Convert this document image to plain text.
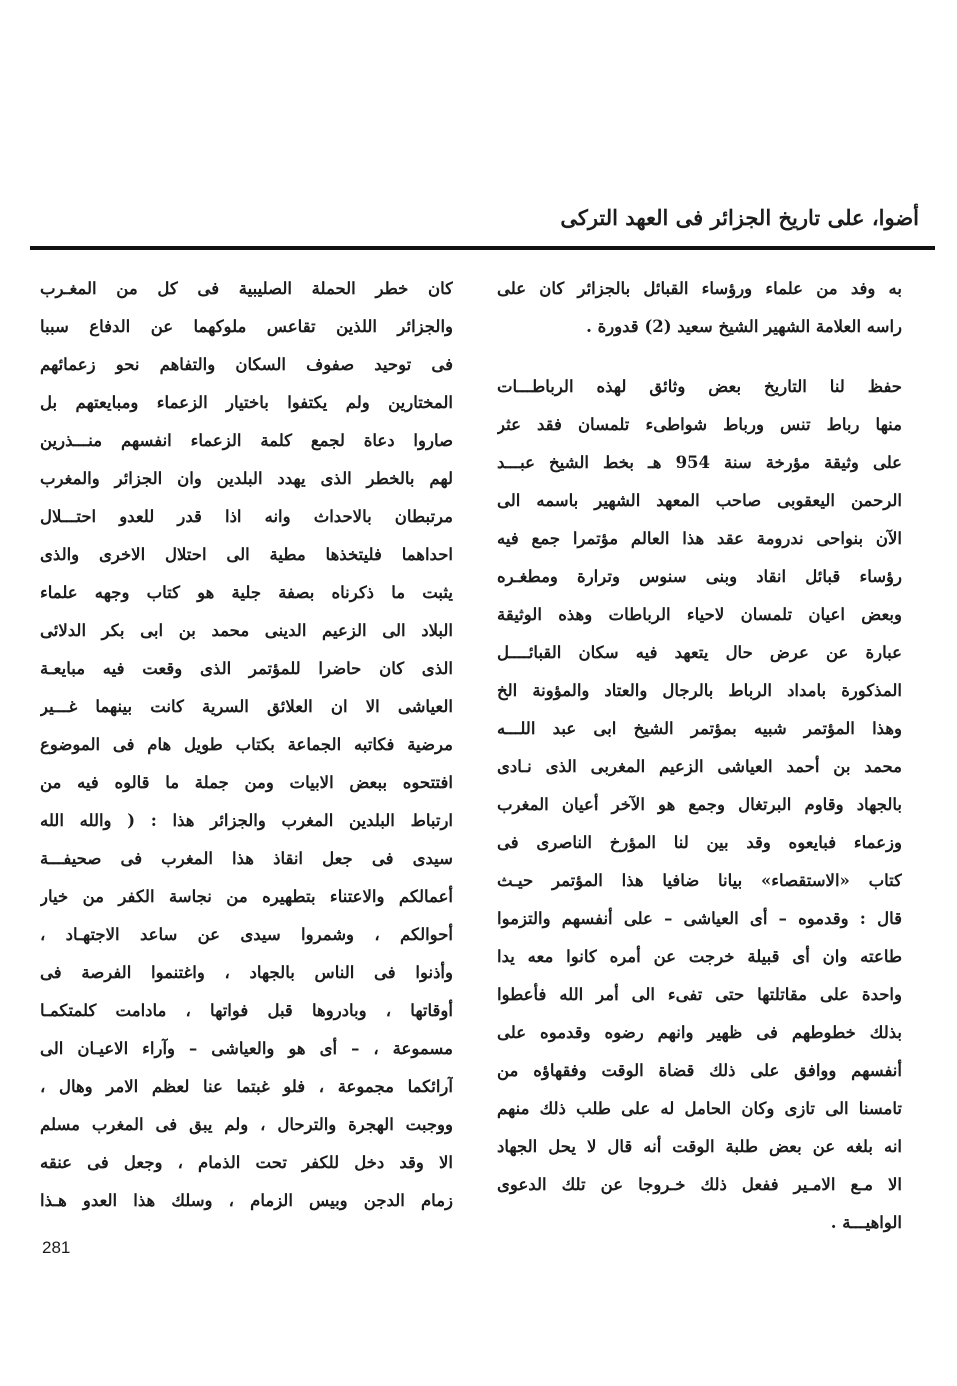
أضوا، على تاريخ الجزائر فى العهد التركى
به وفد من علماء ورؤساء القبائل بالجزائر كان على
راسه العلامة الشهير الشيخ سعيد (2) قدورة .
حفظ لنا التاريخ بعض وثائق لهذه الرباطـــات
منها رباط تنس ورباط شواطىء تلمسان فقد عثر
على وثيقة مؤرخة سنة 954 هـ بخط الشيخ عبـــد
الرحمن اليعقوبى صاحب المعهد الشهير باسمه الى
الآن بنواحى ندرومة عقد هذا العالم مؤتمرا جمع فيه
رؤساء قبائل انقاد وبنى سنوس وترارة ومطغـره
وبعض اعيان تلمسان لاحياء الرباطات وهذه الوثيقة
عبارة عن عرض حال يتعهد فيه سكان القبائــــل
المذكورة بامداد الرباط بالرجال والعتاد والمؤونة الخ
وهذا المؤتمر شبيه بمؤتمر الشيخ ابى عبد اللـــه
محمد بن أحمد العياشى الزعيم المغربى الذى نـادى
بالجهاد وقاوم البرتغال وجمع هو الآخر أعيان المغرب
وزعماء فبايعوه وقد بين لنا المؤرخ الناصرى فى
كتاب «الاستقصاء» بيانا ضافيا هذا المؤتمر حيـث
قال : وقدموه – أى العياشى – على أنفسهم والتزموا
طاعته وان أى قبيلة خرجت عن أمره كانوا معه يدا
واحدة على مقاتلتها حتى تفىء الى أمر الله فأعطوا
بذلك خطوطهم فى ظهير وانهم رضوه وقدموه على
أنفسهم ووافق على ذلك قضاة الوقت وفقهاؤه من
تامسنا الى تازى وكان الحامل له على طلب ذلك منهم
انه بلغه عن بعض طلبة الوقت أنه قال لا يحل الجهاد
الا مـع الامـير ففعل ذلك خـروجا عن تلك الدعوى
الواهيـــة .
كان خطر الحملة الصليبية فى كل من المغـرب
والجزائر اللذين تقاعس ملوكهما عن الدفاع سببا
فى توحيد صفوف السكان والتفاهم نحو زعمائهم
المختارين ولم يكتفوا باختيار الزعماء ومبايعتهم بل
صاروا دعاة لجمع كلمة الزعماء انفسهم منـــذرين
لهم بالخطر الذى يهدد البلدين وان الجزائر والمغرب
مرتبطان بالاحداث وانه اذا قدر للعدو احتـــلال
احداهما فليتخذها مطية الى احتلال الاخرى والذى
يثبت ما ذكرناه بصفة جلية هو كتاب وجهه علماء
البلاد الى الزعيم الدينى محمد بن ابى بكر الدلائى
الذى كان حاضرا للمؤتمر الذى وقعت فيه مبايعـة
العياشى الا ان العلائق السرية كانت بينهما غـــير
مرضية فكاتبه الجماعة بكتاب طويل هام فى الموضوع
افتتحوه ببعض الابيات ومن جملة ما قالوه فيه من
ارتباط البلدين المغرب والجزائر هذا : ( والله الله
سيدى فى جعل انقاذ هذا المغرب فى صحيفـــة
أعمالكم والاعتناء بتطهيره من نجاسة الكفر من خيار
أحوالكم ، وشمروا سيدى عن ساعد الاجتهـاد ،
وأذنوا فى الناس بالجهاد ، واغتنموا الفرصة فى
أوقاتها ، وبادروها قبل فواتها ، مادامت كلمتكمـا
مسموعة ، – أى هو والعياشى – وآراء الاعيـان الى
آرائكما مجموعة ، فلو غبتما عنا لعظم الامر وهال ،
ووجبت الهجرة والترحال ، ولم يبق فى المغرب مسلم
الا وقد دخل للكفر تحت الذمام ، وجعل فى عنقه
زمام الدجن وبيس الزمام ، وسلك هذا العدو هـذا
281
